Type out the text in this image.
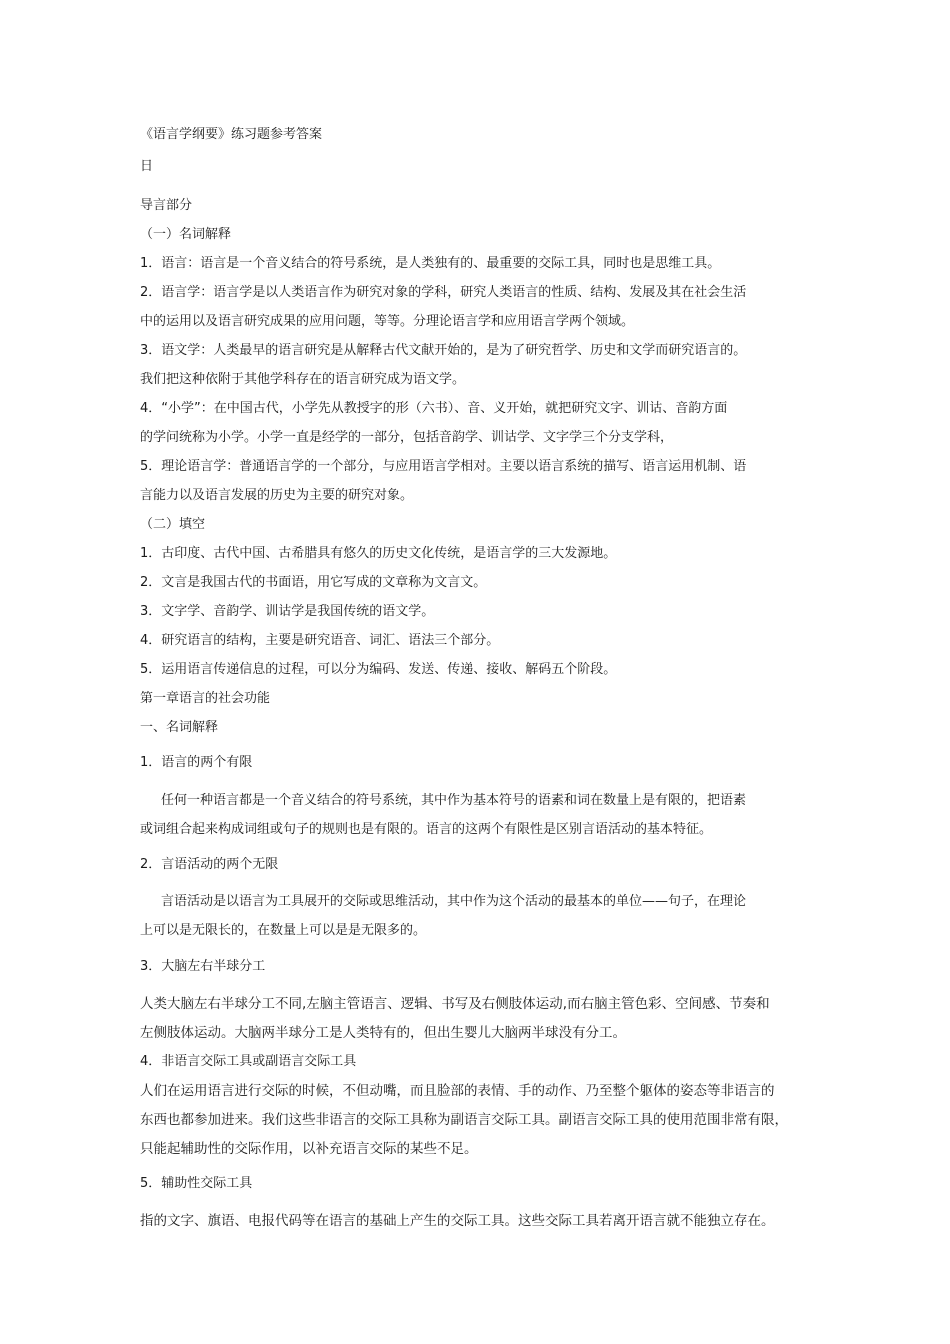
《语言学纲要》练习题参考答案
日
导言部分
（一）名词解释
1．语言：语言是一个音义结合的符号系统，是人类独有的、最重要的交际工具，同时也是思维工具。
2．语言学：语言学是以人类语言作为研究对象的学科，研究人类语言的性质、结构、发展及其在社会生活
中的运用以及语言研究成果的应用问题，等等。分理论语言学和应用语言学两个领域。
3．语文学：人类最早的语言研究是从解释古代文献开始的，是为了研究哲学、历史和文学而研究语言的。
我们把这种依附于其他学科存在的语言研究成为语文学。
4．“小学”：在中国古代，小学先从教授字的形（六书）、音、义开始，就把研究文字、训诂、音韵方面
的学问统称为小学。小学一直是经学的一部分，包括音韵学、训诂学、文字学三个分支学科，
5．理论语言学：普通语言学的一个部分，与应用语言学相对。主要以语言系统的描写、语言运用机制、语
言能力以及语言发展的历史为主要的研究对象。
（二）填空
1．古印度、古代中国、古希腊具有悠久的历史文化传统，是语言学的三大发源地。
2．文言是我国古代的书面语，用它写成的文章称为文言文。
3．文字学、音韵学、训诂学是我国传统的语文学。
4．研究语言的结构，主要是研究语音、词汇、语法三个部分。
5．运用语言传递信息的过程，可以分为编码、发送、传递、接收、解码五个阶段。
第一章语言的社会功能
一、名词解释
1．语言的两个有限
任何一种语言都是一个音义结合的符号系统，其中作为基本符号的语素和词在数量上是有限的，把语素
或词组合起来构成词组或句子的规则也是有限的。语言的这两个有限性是区别言语活动的基本特征。
2．言语活动的两个无限
言语活动是以语言为工具展开的交际或思维活动，其中作为这个活动的最基本的单位——句子，在理论
上可以是无限长的，在数量上可以是是无限多的。
3．大脑左右半球分工
人类大脑左右半球分工不同,左脑主管语言、逻辑、书写及右侧肢体运动,而右脑主管色彩、空间感、节奏和
左侧肢体运动。大脑两半球分工是人类特有的，但出生婴儿大脑两半球没有分工。
4．非语言交际工具或副语言交际工具
人们在运用语言进行交际的时候，不但动嘴，而且脸部的表情、手的动作、乃至整个躯体的姿态等非语言的
东西也都参加进来。我们这些非语言的交际工具称为副语言交际工具。副语言交际工具的使用范围非常有限，
只能起辅助性的交际作用，以补充语言交际的某些不足。
5．辅助性交际工具
指的文字、旗语、电报代码等在语言的基础上产生的交际工具。这些交际工具若离开语言就不能独立存在。
